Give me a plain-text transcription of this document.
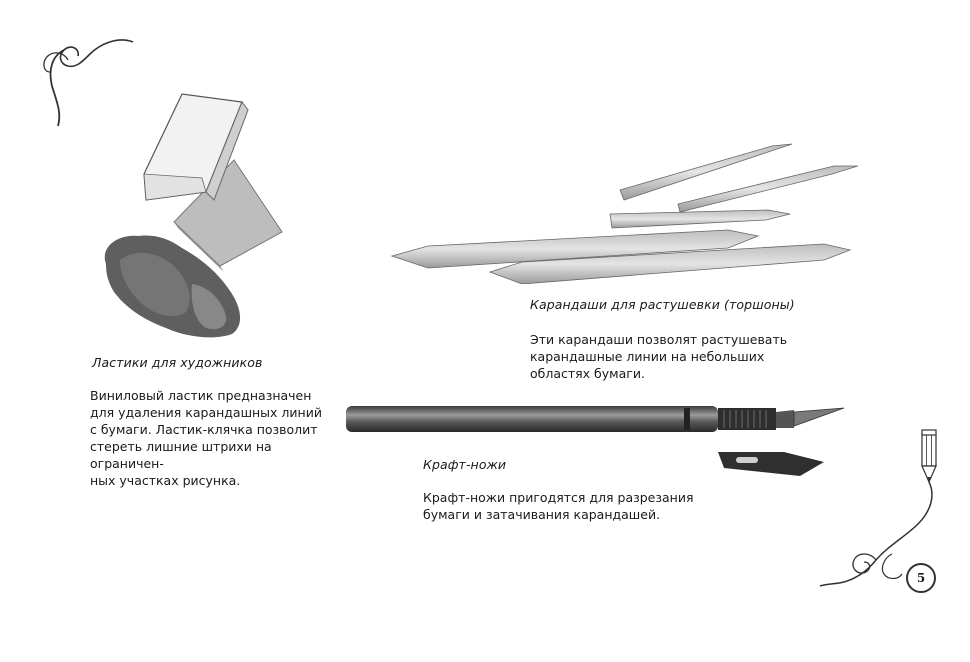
Ластики для художников
Виниловый ластик предназначен
для удаления карандашных линий
с бумаги. Ластик-клячка позволит
стереть лишние штрихи на ограничен-
ных участках рисунка.
Карандаши для растушевки (торшоны)
Эти карандаши позволят растушевать
карандашные линии на небольших
областях бумаги.
Крафт-ножи
Крафт-ножи пригодятся для разрезания
бумаги и затачивания карандашей.
5
